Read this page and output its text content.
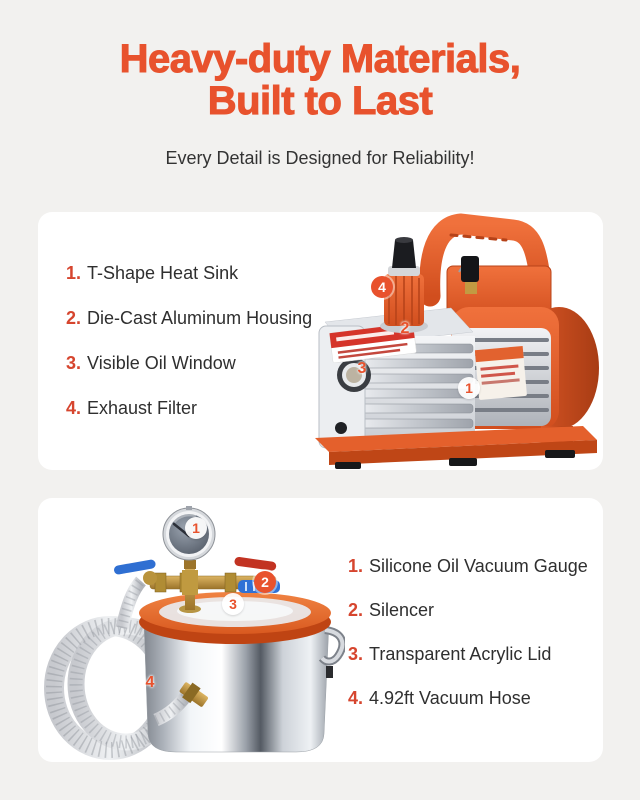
Heavy-duty Materials,
Built to Last

Every Detail is Designed for Reliability!

1. T-Shape Heat Sink
2. Die-Cast Aluminum Housing
3. Visible Oil Window
4. Exhaust Filter
4
2
3
1
1
2
3
4
1. Silicone Oil Vacuum Gauge
2. Silencer
3. Transparent Acrylic Lid
4. 4.92ft Vacuum Hose
